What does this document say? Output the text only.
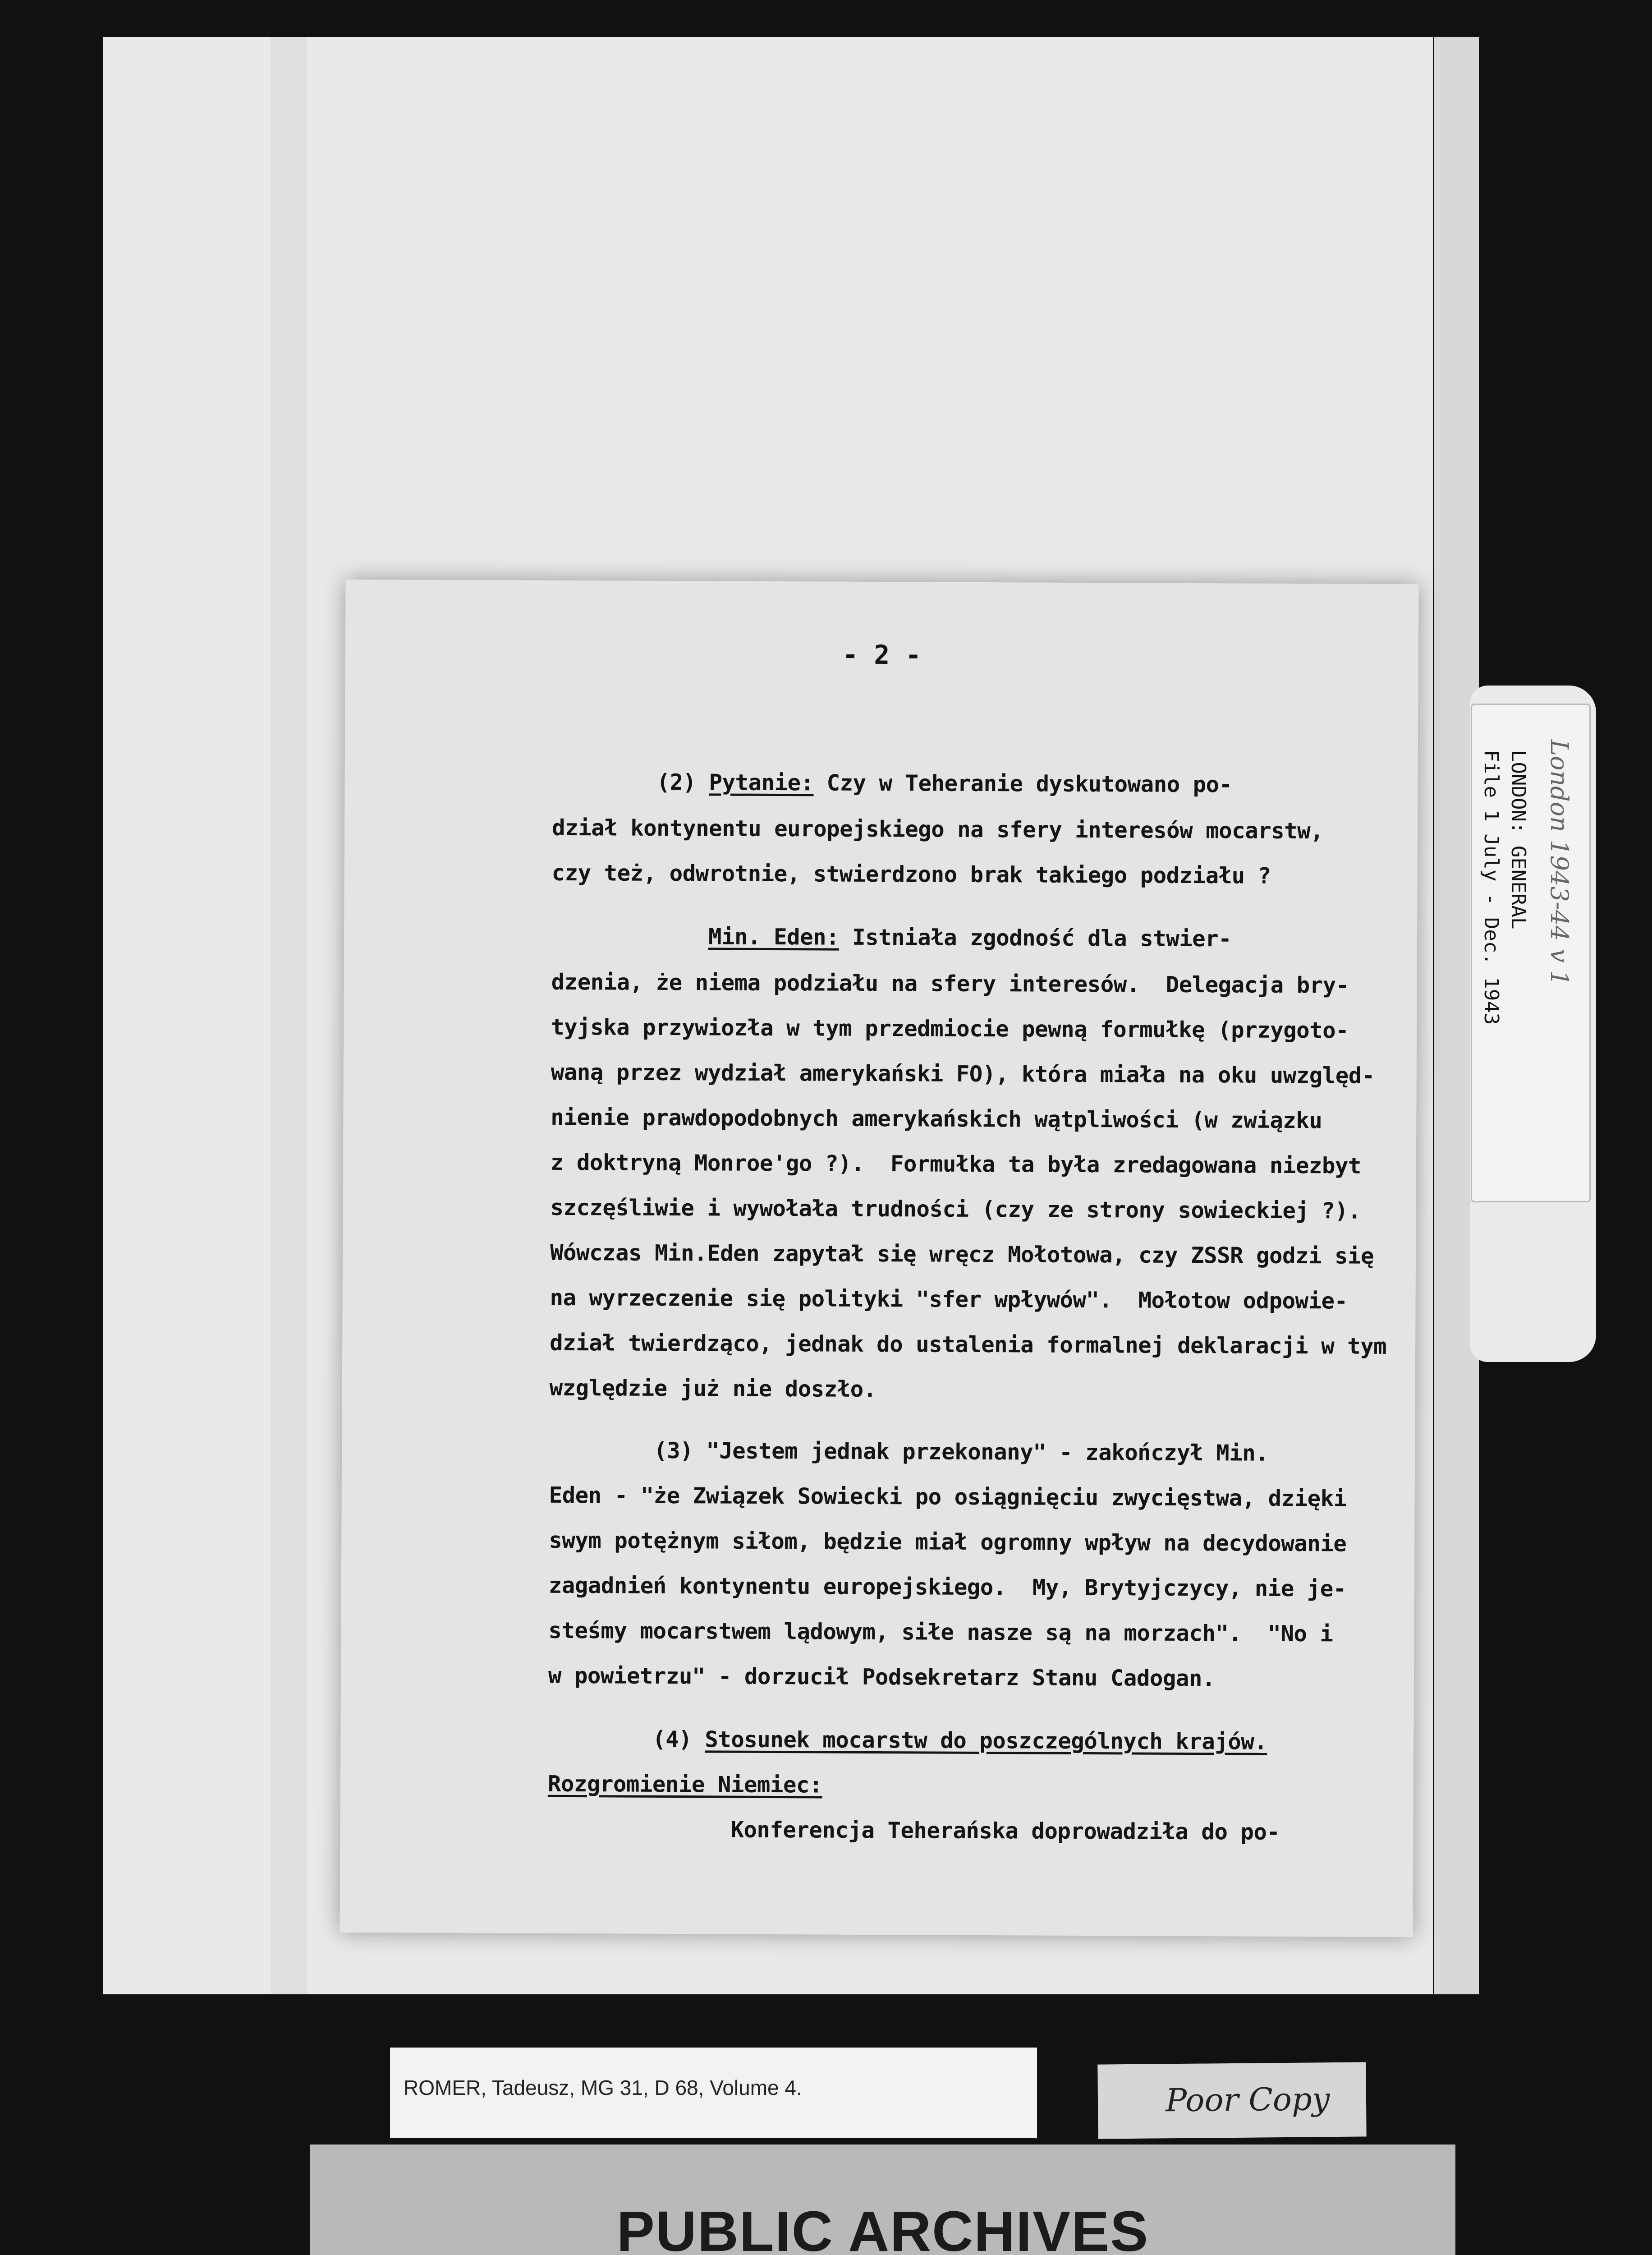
LONDON: GENERAL
File 1 July - Dec. 1943 London 1943-44 v 1
- 2 -
(2) Pytanie: Czy w Teheranie dyskutowano po-
dział kontynentu europejskiego na sfery interesów mocarstw,
czy też, odwrotnie, stwierdzono brak takiego podziału ?
Min. Eden: Istniała zgodność dla stwier-
dzenia, że niema podziału na sfery interesów.  Delegacja bry-
tyjska przywiozła w tym przedmiocie pewną formułkę (przygoto-
waną przez wydział amerykański FO), która miała na oku uwzględ-
nienie prawdopodobnych amerykańskich wątpliwości (w związku
z doktryną Monroe'go ?).  Formułka ta była zredagowana niezbyt
szczęśliwie i wywołała trudności (czy ze strony sowieckiej ?).
Wówczas Min.Eden zapytał się wręcz Mołotowa, czy ZSSR godzi się
na wyrzeczenie się polityki "sfer wpływów".  Mołotow odpowie-
dział twierdząco, jednak do ustalenia formalnej deklaracji w tym
względzie już nie doszło.
(3) "Jestem jednak przekonany" - zakończył Min.
Eden - "że Związek Sowiecki po osiągnięciu zwycięstwa, dzięki
swym potężnym siłom, będzie miał ogromny wpływ na decydowanie
zagadnień kontynentu europejskiego.  My, Brytyjczycy, nie je-
steśmy mocarstwem lądowym, siłe nasze są na morzach".  "No i
w powietrzu" - dorzucił Podsekretarz Stanu Cadogan.
(4) Stosunek mocarstw do poszczególnych krajów.
Rozgromienie Niemiec:
Konferencja Teherańska doprowadziła do po-
ROMER, Tadeusz, MG 31, D 68, Volume 4.	Poor Copy
PUBLIC ARCHIVES
